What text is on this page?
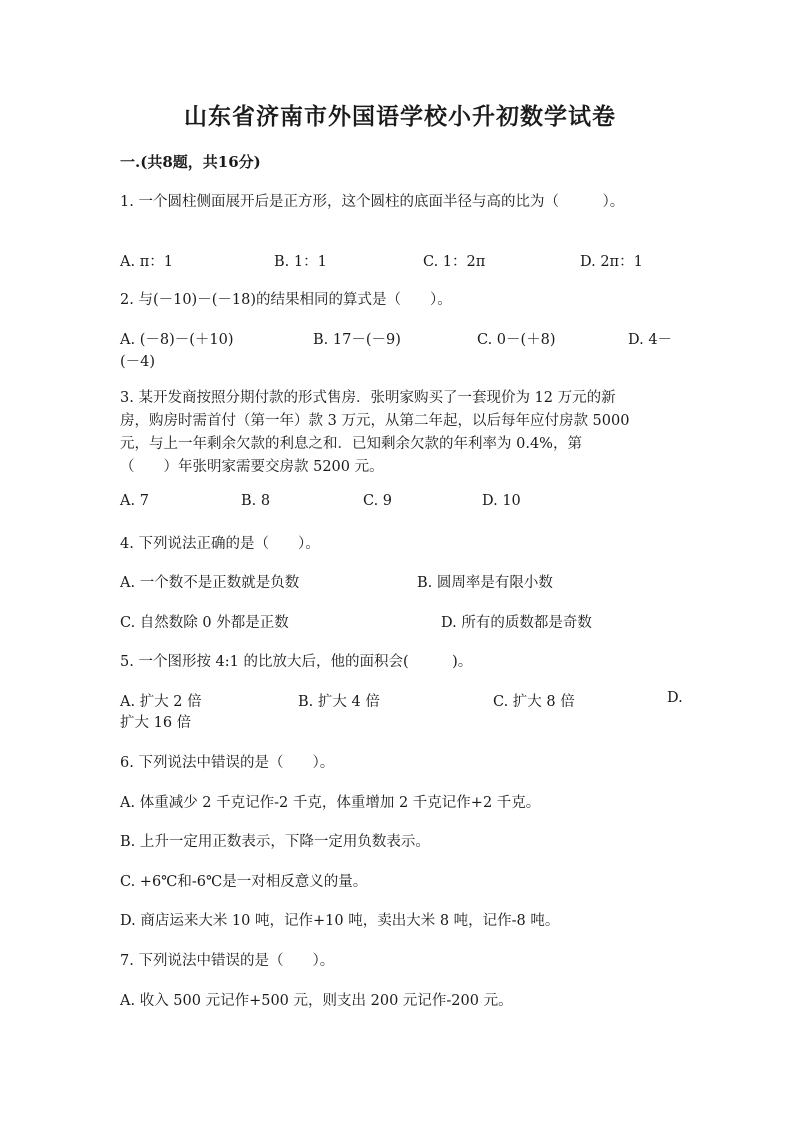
山东省济南市外国语学校小升初数学试卷

一.(共8题，共16分)

1. 一个圆柱侧面展开后是正方形，这个圆柱的底面半径与高的比为（　　　）。

A. π：1	B. 1：1	C. 1：2π	D. 2π：1

2. 与(－10)－(－18)的结果相同的算式是（　　）。

A. (－8)－(＋10)	B. 17－(－9)	C. 0－(＋8)	D. 4－
(－4)

3. 某开发商按照分期付款的形式售房．张明家购买了一套现价为 12 万元的新

房，购房时需首付（第一年）款 3 万元，从第二年起，以后每年应付房款 5000

元，与上一年剩余欠款的利息之和．已知剩余欠款的年利率为 0.4%，第

（　　）年张明家需要交房款 5200 元。

A. 7	B. 8	C. 9	D. 10

4. 下列说法正确的是（　　）。

A. 一个数不是正数就是负数	B. 圆周率是有限小数
C. 自然数除 0 外都是正数	D. 所有的质数都是奇数

5. 一个图形按 4:1 的比放大后，他的面积会(　　　)。

A. 扩大 2 倍	B. 扩大 4 倍	C. 扩大 8 倍	D.
扩大 16 倍

6. 下列说法中错误的是（　　）。

A. 体重减少 2 千克记作-2 千克，体重增加 2 千克记作+2 千克。
B. 上升一定用正数表示，下降一定用负数表示。
C. +6℃和-6℃是一对相反意义的量。
D. 商店运来大米 10 吨，记作+10 吨，卖出大米 8 吨，记作-8 吨。

7. 下列说法中错误的是（　　）。

A. 收入 500 元记作+500 元，则支出 200 元记作-200 元。
